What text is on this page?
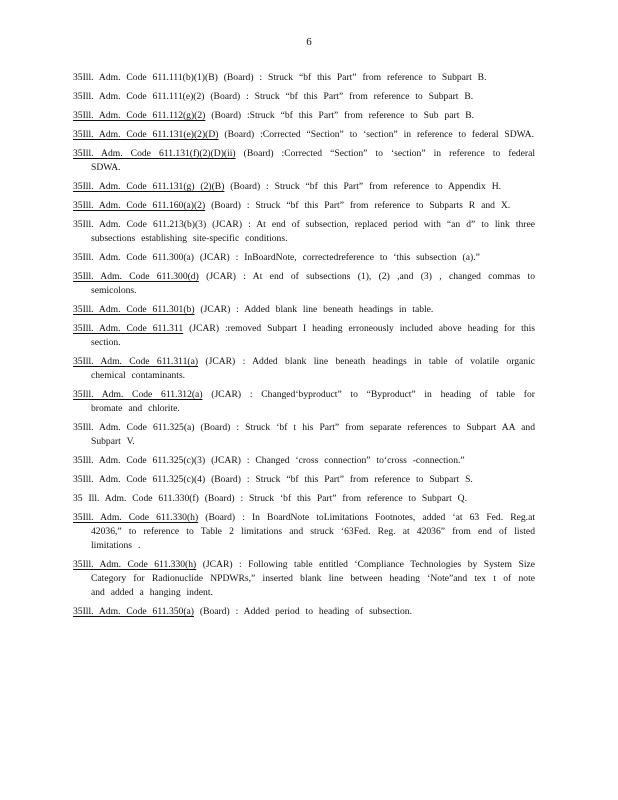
6
35Ill. Adm. Code 611.111(b)(1)(B) (Board) : Struck “bf this Part” from reference to Subpart B.
35Ill. Adm. Code 611.111(e)(2) (Board) : Struck “bf this Part” from reference to Subpart B.
35Ill. Adm. Code 611.112(g)(2) (Board) :Struck “bf this Part” from reference to Sub part B.
35Ill. Adm. Code 611.131(e)(2)(D) (Board) :Corrected “Section” to ‘section” in reference to federal SDWA.
35Ill. Adm. Code 611.131(f)(2)(D)(ii) (Board) :Corrected “Section” to ‘section” in reference to federal SDWA.
35Ill. Adm. Code 611.131(g) (2)(B) (Board) : Struck “bf this Part” from reference to Appendix H.
35Ill. Adm. Code 611.160(a)(2) (Board) : Struck “bf this Part” from reference to Subparts R and X.
35Ill. Adm. Code 611.213(b)(3) (JCAR) : At end of subsection, replaced period with “an d” to link three subsections establishing site-specific conditions.
35Ill. Adm. Code 611.300(a) (JCAR) : InBoardNote, correctedreference to ‘this subsection (a).”
35Ill. Adm. Code 611.300(d) (JCAR) : At end of subsections (1), (2) ,and (3) , changed commas to semicolons.
35Ill. Adm. Code 611.301(b) (JCAR) : Added blank line beneath headings in table.
35Ill. Adm. Code 611.311 (JCAR) :removed Subpart I heading erroneously included above heading for this section.
35Ill. Adm. Code 611.311(a) (JCAR) : Added blank line beneath headings in table of volatile organic chemical contaminants.
35Ill. Adm. Code 611.312(a) (JCAR) : Changed‘byproduct” to “Byproduct” in heading of table for bromate and chlorite.
35Ill. Adm. Code 611.325(a) (Board) : Struck ‘bf t his Part” from separate references to Subpart AA and Subpart V.
35Ill. Adm. Code 611.325(c)(3) (JCAR) : Changed ‘cross connection” to‘cross -connection.”
35Ill. Adm. Code 611.325(c)(4) (Board) : Struck “bf this Part” from reference to Subpart S.
35 Ill. Adm. Code 611.330(f) (Board) : Struck ‘bf this Part” from reference to Subpart Q.
35Ill. Adm. Code 611.330(h) (Board) : In BoardNote toLimitations Footnotes, added ‘at 63 Fed. Reg.at 42036,” to reference to Table 2 limitations and struck ‘63Fed. Reg. at 42036” from end of listed limitations .
35Ill. Adm. Code 611.330(h) (JCAR) : Following table entitled ‘Compliance Technologies by System Size Category for Radionuclide NPDWRs,” inserted blank line between heading ‘Note”and tex t of note and added a hanging indent.
35Ill. Adm. Code 611.350(a) (Board) : Added period to heading of subsection.
